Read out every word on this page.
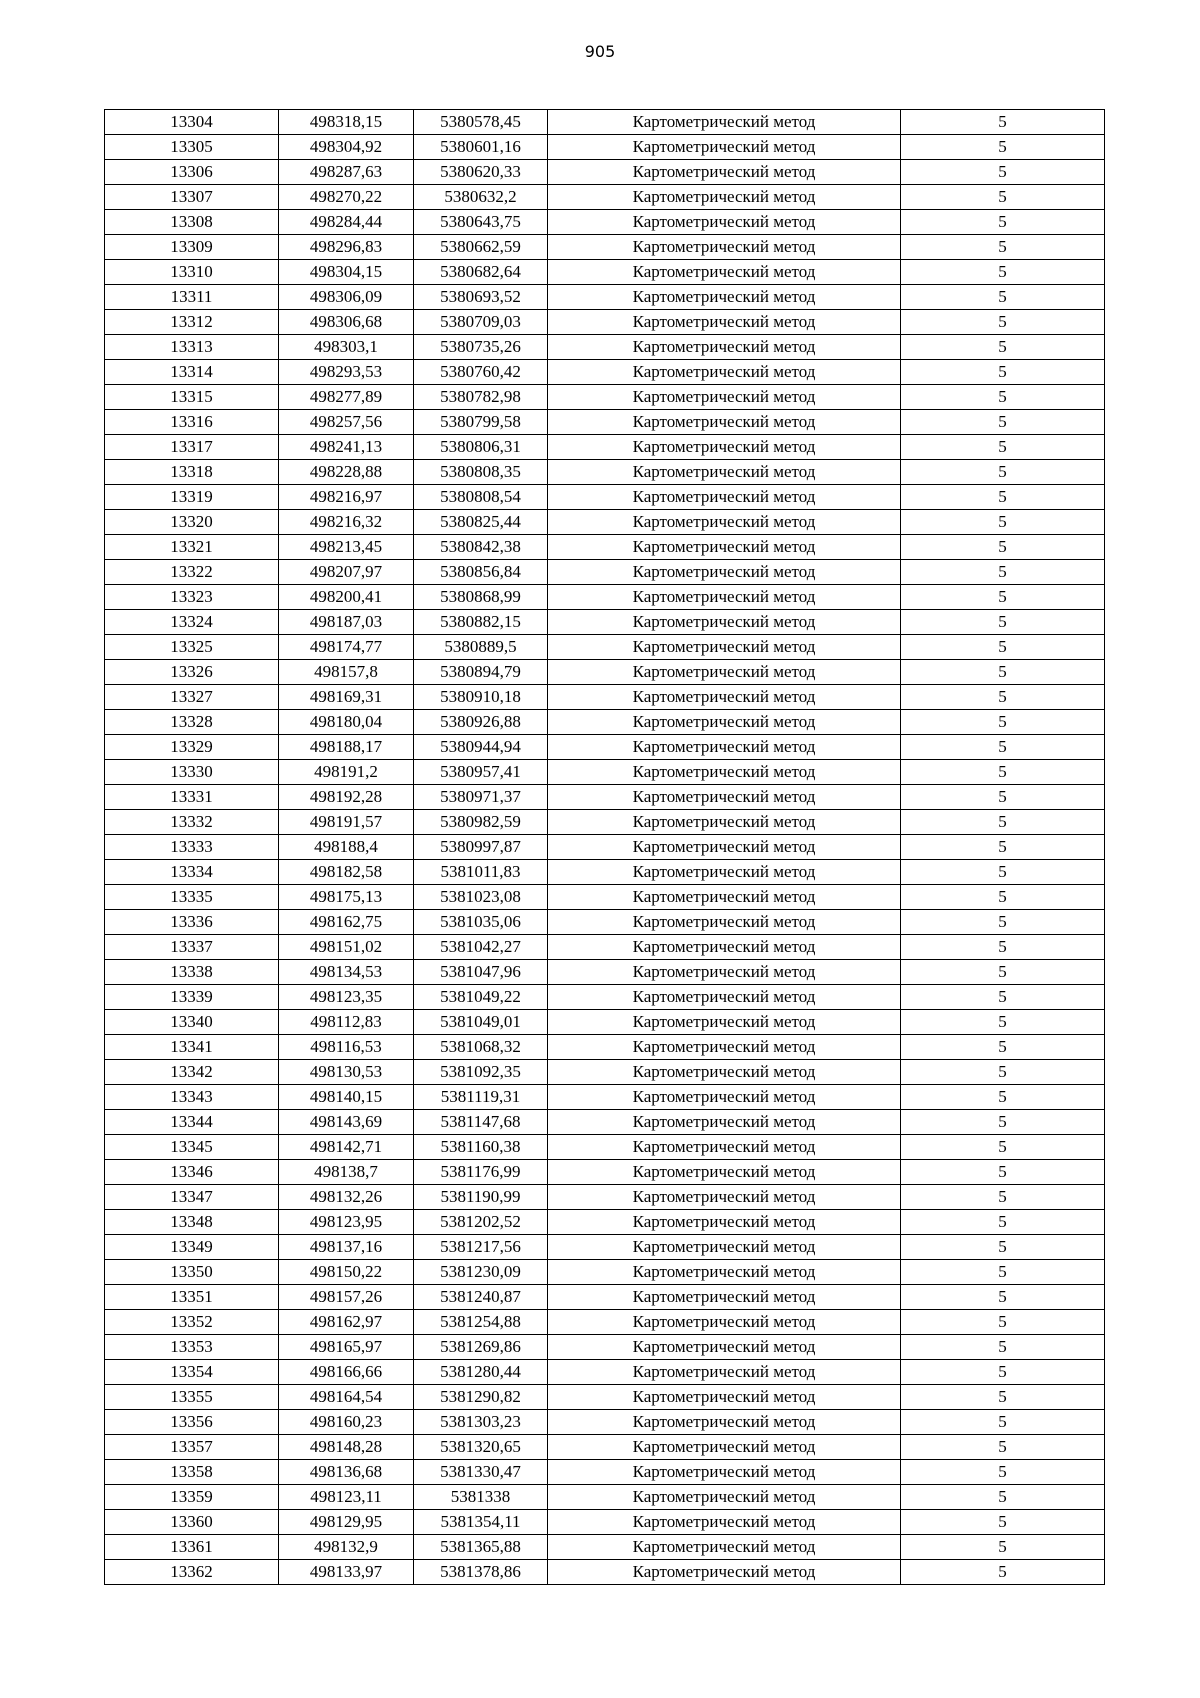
905
13304	498318,15	5380578,45	Картометрический метод	5
13305	498304,92	5380601,16	Картометрический метод	5
13306	498287,63	5380620,33	Картометрический метод	5
13307	498270,22	5380632,2	Картометрический метод	5
13308	498284,44	5380643,75	Картометрический метод	5
13309	498296,83	5380662,59	Картометрический метод	5
13310	498304,15	5380682,64	Картометрический метод	5
13311	498306,09	5380693,52	Картометрический метод	5
13312	498306,68	5380709,03	Картометрический метод	5
13313	498303,1	5380735,26	Картометрический метод	5
13314	498293,53	5380760,42	Картометрический метод	5
13315	498277,89	5380782,98	Картометрический метод	5
13316	498257,56	5380799,58	Картометрический метод	5
13317	498241,13	5380806,31	Картометрический метод	5
13318	498228,88	5380808,35	Картометрический метод	5
13319	498216,97	5380808,54	Картометрический метод	5
13320	498216,32	5380825,44	Картометрический метод	5
13321	498213,45	5380842,38	Картометрический метод	5
13322	498207,97	5380856,84	Картометрический метод	5
13323	498200,41	5380868,99	Картометрический метод	5
13324	498187,03	5380882,15	Картометрический метод	5
13325	498174,77	5380889,5	Картометрический метод	5
13326	498157,8	5380894,79	Картометрический метод	5
13327	498169,31	5380910,18	Картометрический метод	5
13328	498180,04	5380926,88	Картометрический метод	5
13329	498188,17	5380944,94	Картометрический метод	5
13330	498191,2	5380957,41	Картометрический метод	5
13331	498192,28	5380971,37	Картометрический метод	5
13332	498191,57	5380982,59	Картометрический метод	5
13333	498188,4	5380997,87	Картометрический метод	5
13334	498182,58	5381011,83	Картометрический метод	5
13335	498175,13	5381023,08	Картометрический метод	5
13336	498162,75	5381035,06	Картометрический метод	5
13337	498151,02	5381042,27	Картометрический метод	5
13338	498134,53	5381047,96	Картометрический метод	5
13339	498123,35	5381049,22	Картометрический метод	5
13340	498112,83	5381049,01	Картометрический метод	5
13341	498116,53	5381068,32	Картометрический метод	5
13342	498130,53	5381092,35	Картометрический метод	5
13343	498140,15	5381119,31	Картометрический метод	5
13344	498143,69	5381147,68	Картометрический метод	5
13345	498142,71	5381160,38	Картометрический метод	5
13346	498138,7	5381176,99	Картометрический метод	5
13347	498132,26	5381190,99	Картометрический метод	5
13348	498123,95	5381202,52	Картометрический метод	5
13349	498137,16	5381217,56	Картометрический метод	5
13350	498150,22	5381230,09	Картометрический метод	5
13351	498157,26	5381240,87	Картометрический метод	5
13352	498162,97	5381254,88	Картометрический метод	5
13353	498165,97	5381269,86	Картометрический метод	5
13354	498166,66	5381280,44	Картометрический метод	5
13355	498164,54	5381290,82	Картометрический метод	5
13356	498160,23	5381303,23	Картометрический метод	5
13357	498148,28	5381320,65	Картометрический метод	5
13358	498136,68	5381330,47	Картометрический метод	5
13359	498123,11	5381338	Картометрический метод	5
13360	498129,95	5381354,11	Картометрический метод	5
13361	498132,9	5381365,88	Картометрический метод	5
13362	498133,97	5381378,86	Картометрический метод	5
